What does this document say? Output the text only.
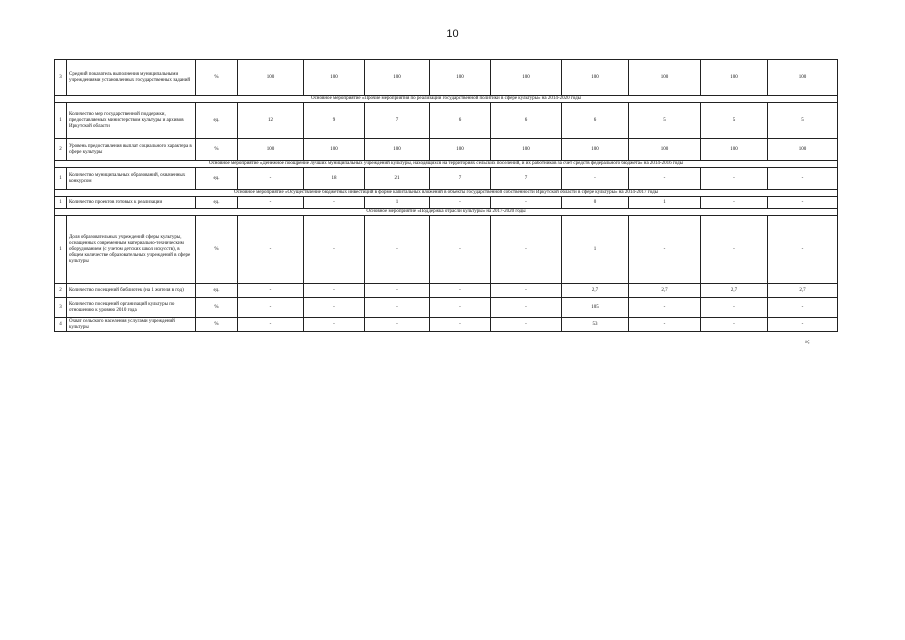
10
3	Средний показатель выполнения муниципальными учреждениями установленных государственных заданий	%	100	100	100	100	100	100	100	100	100
Основное мероприятие «Прочие мероприятия по реализации государственной политики в сфере культуры» на 2014-2020 годы											
1	Количество мер государственной поддержки, предоставляемых министерством культуры и архивов Иркутской области	ед.	12	9	7	6	6	6	5	5	5
2	Уровень предоставления выплат социального характера в сфере культуры	%	100	100	100	100	100	100	100	100	100
Основное мероприятие «Денежное поощрение лучших муниципальных учреждений культуры, находящихся на территориях сельских поселений, и их работников за счет средств федерального бюджета» на 2014-2016 годы											
1	Количество муниципальных образований, охваченных конкурсом	ед.	-	18	21	7	7	-	-	-	-
Основное мероприятие «Осуществление бюджетных инвестиций в форме капитальных вложений в объекты государственной собственности Иркутской области в сфере культуры» на 2014-2017 годы											
1	Количество проектов готовых к реализации	ед.	-	-	1	-	-	0	1	-	-
Основное мероприятие «Поддержка отрасли культуры» на 2017-2020 годы											
1	Доля образовательных учреждений сферы культуры, оснащенных современным материально-техническим оборудованием (с учетом детских школ искусств), в общем количестве образовательных учреждений в сфере культуры	%	-	-	-	-	-	1	-	-	-
2	Количество посещений библиотек (на 1 жителя в год)	ед.	-	-	-	-	-	2,7	2,7	2,7	2,7
3	Количество посещений организаций культуры по отношению к уровню 2010 года	%	-	-	-	-	-	105	-	-	-
4	Охват сельского населения услугами учреждений культуры	%	-	-	-	-	-	53	-	-	-
»;
